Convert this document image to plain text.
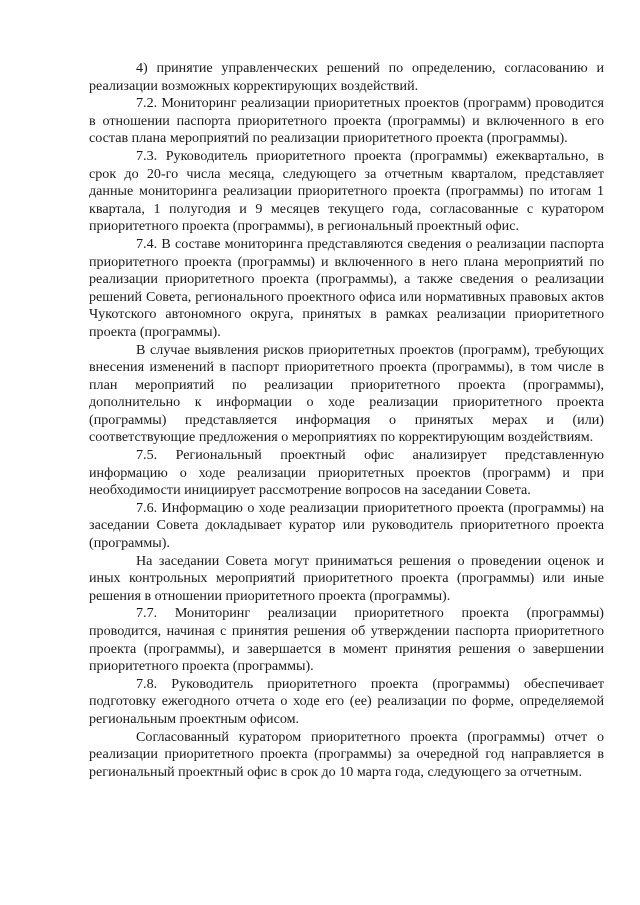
4) принятие управленческих решений по определению, согласованию и реализации возможных корректирующих воздействий.

7.2. Мониторинг реализации приоритетных проектов (программ) проводится в отношении паспорта приоритетного проекта (программы) и включенного в его состав плана мероприятий по реализации приоритетного проекта (программы).

7.3. Руководитель приоритетного проекта (программы) ежеквартально, в срок до 20-го числа месяца, следующего за отчетным кварталом, представляет данные мониторинга реализации приоритетного проекта (программы) по итогам 1 квартала, 1 полугодия и 9 месяцев текущего года, согласованные с куратором приоритетного проекта (программы), в региональный проектный офис.

7.4. В составе мониторинга представляются сведения о реализации паспорта приоритетного проекта (программы) и включенного в него плана мероприятий по реализации приоритетного проекта (программы), а также сведения о реализации решений Совета, регионального проектного офиса или нормативных правовых актов Чукотского автономного округа, принятых в рамках реализации приоритетного проекта (программы).

В случае выявления рисков приоритетных проектов (программ), требующих внесения изменений в паспорт приоритетного проекта (программы), в том числе в план мероприятий по реализации приоритетного проекта (программы), дополнительно к информации о ходе реализации приоритетного проекта (программы) представляется информация о принятых мерах и (или) соответствующие предложения о мероприятиях по корректирующим воздействиям.

7.5. Региональный проектный офис анализирует представленную информацию о ходе реализации приоритетных проектов (программ) и при необходимости инициирует рассмотрение вопросов на заседании Совета.

7.6. Информацию о ходе реализации приоритетного проекта (программы) на заседании Совета докладывает куратор или руководитель приоритетного проекта (программы).

На заседании Совета могут приниматься решения о проведении оценок и иных контрольных мероприятий приоритетного проекта (программы) или иные решения в отношении приоритетного проекта (программы).

7.7. Мониторинг реализации приоритетного проекта (программы) проводится, начиная с принятия решения об утверждении паспорта приоритетного проекта (программы), и завершается в момент принятия решения о завершении приоритетного проекта (программы).

7.8. Руководитель приоритетного проекта (программы) обеспечивает подготовку ежегодного отчета о ходе его (ее) реализации по форме, определяемой региональным проектным офисом.

Согласованный куратором приоритетного проекта (программы) отчет о реализации приоритетного проекта (программы) за очередной год направляется в региональный проектный офис в срок до 10 марта года, следующего за отчетным.
